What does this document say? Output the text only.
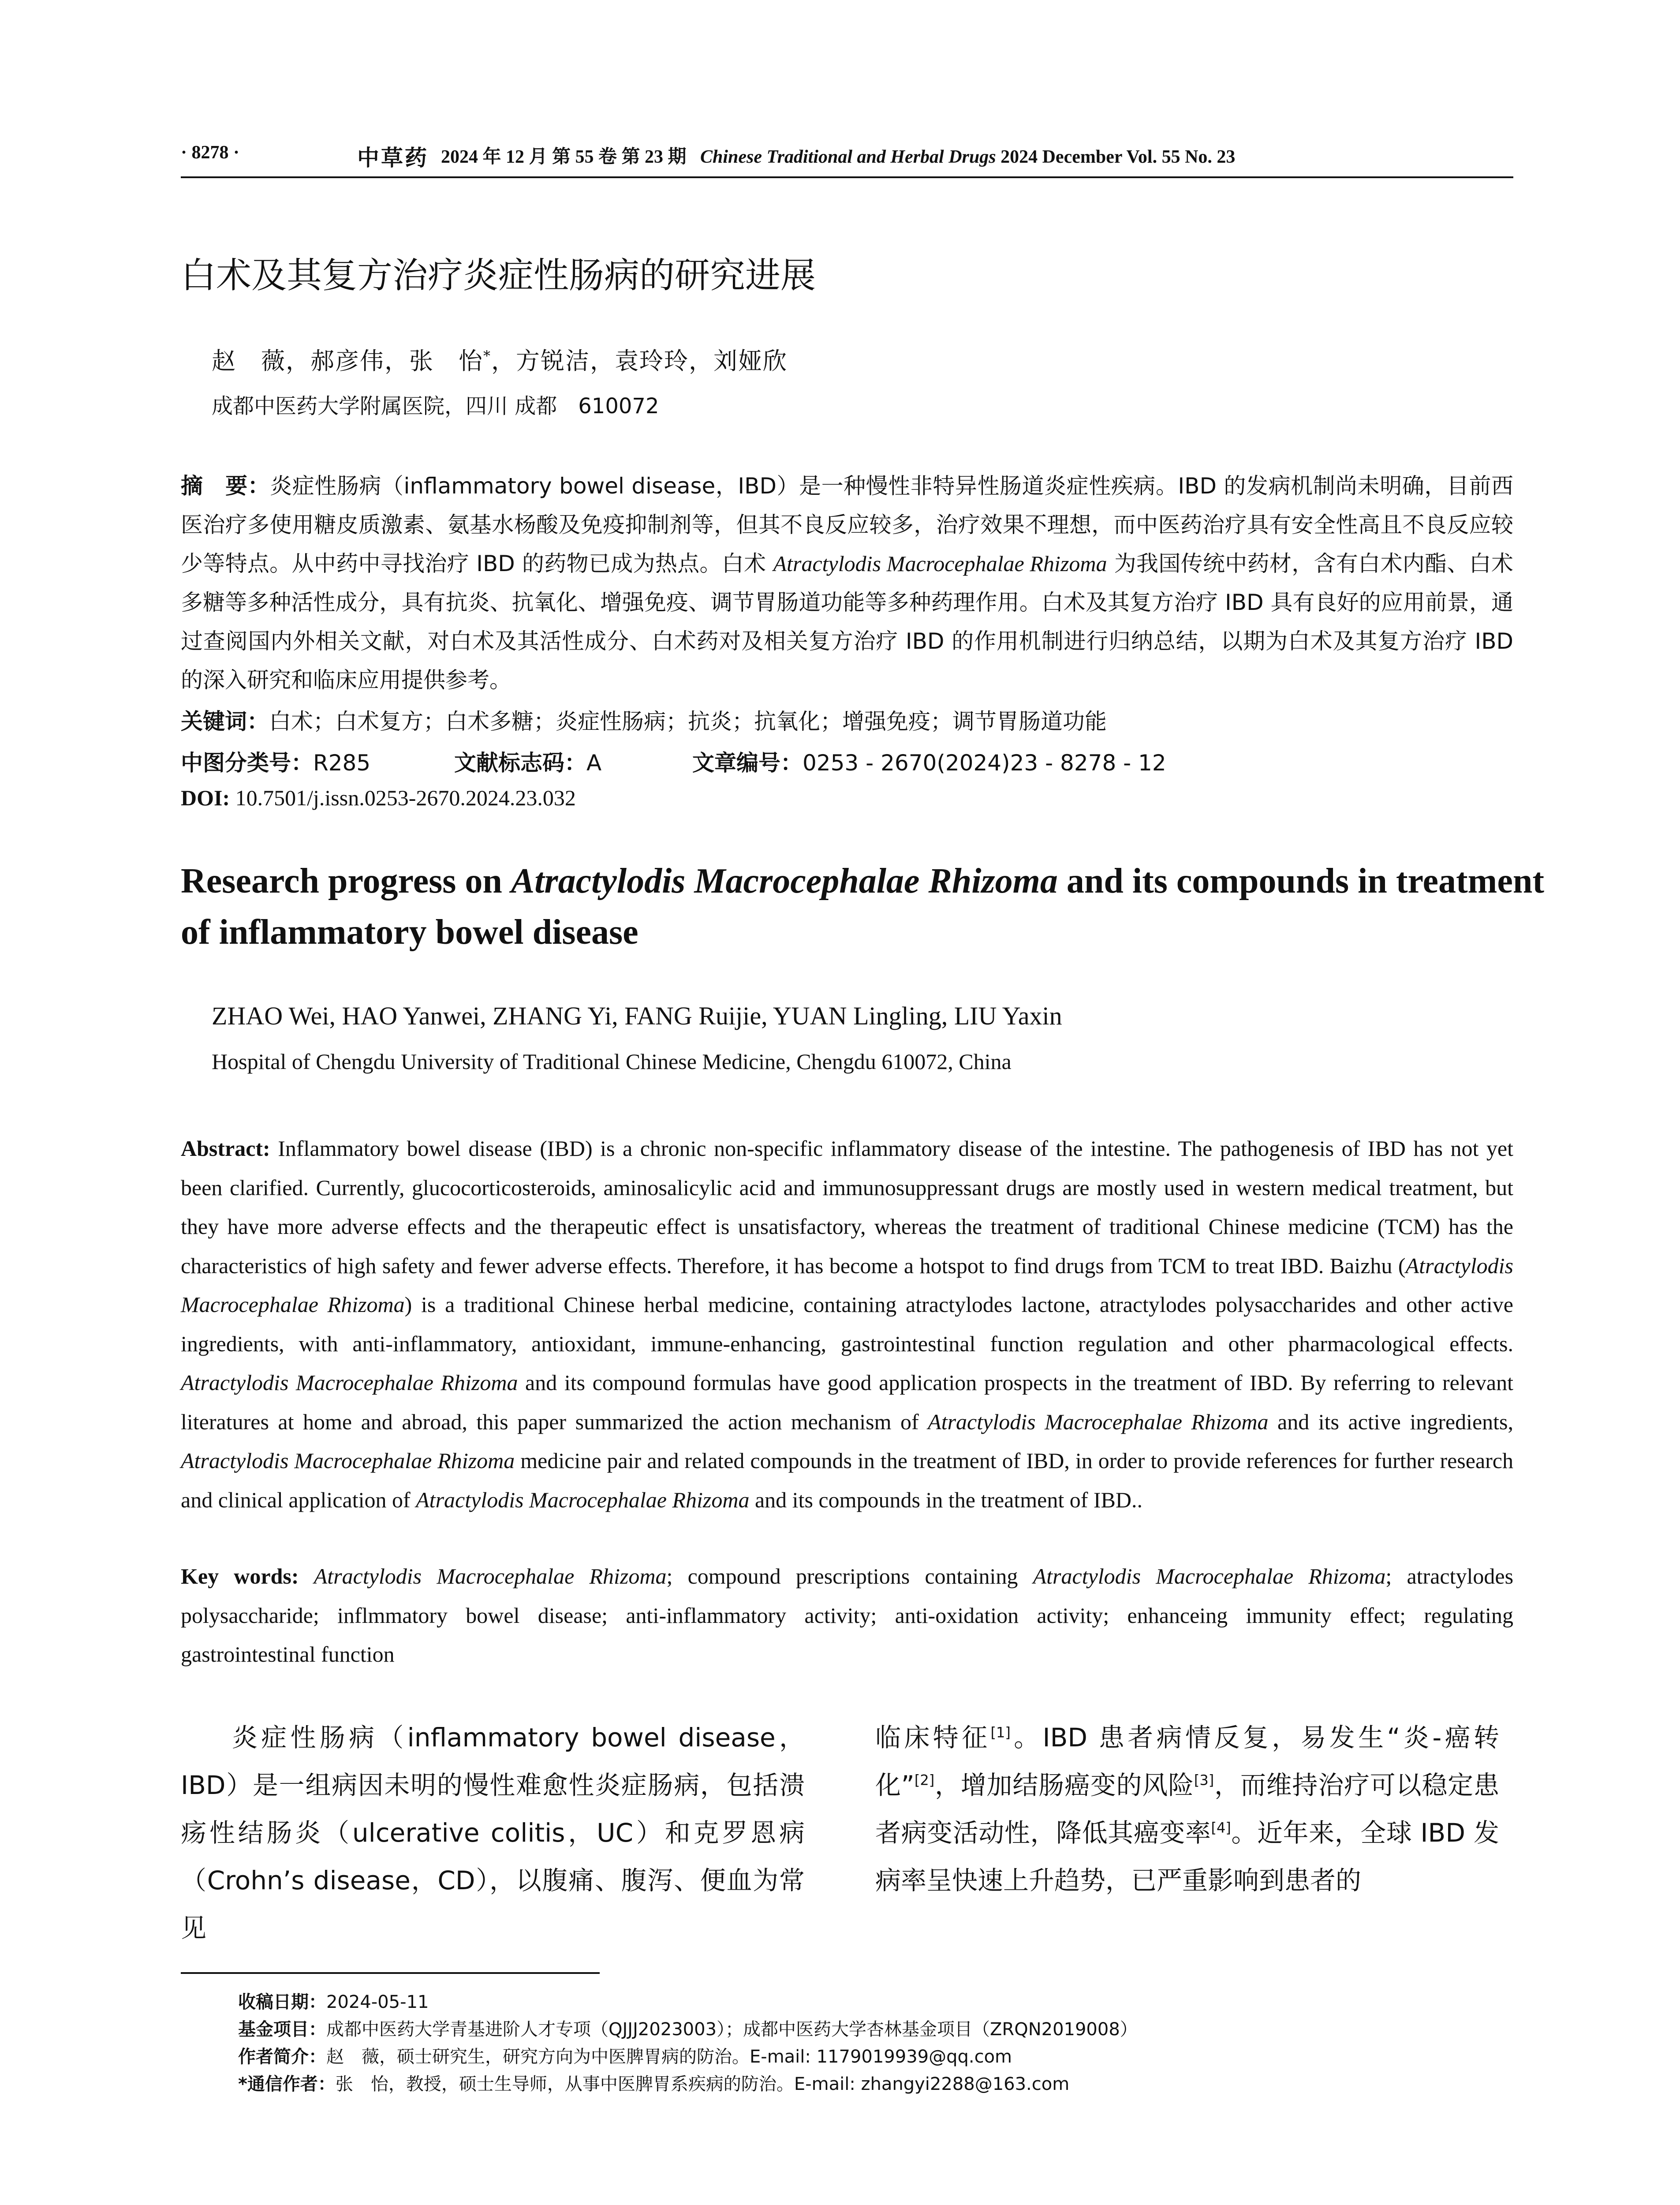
· 8278 ·	中草药 2024 年 12 月 第 55 卷 第 23 期 Chinese Traditional and Herbal Drugs 2024 December Vol. 55 No. 23
白术及其复方治疗炎症性肠病的研究进展
赵　薇，郝彦伟，张　怡*，方锐洁，袁玲玲，刘娅欣
成都中医药大学附属医院，四川 成都　610072
摘　要：炎症性肠病（inflammatory bowel disease，IBD）是一种慢性非特异性肠道炎症性疾病。IBD 的发病机制尚未明确，目前西医治疗多使用糖皮质激素、氨基水杨酸及免疫抑制剂等，但其不良反应较多，治疗效果不理想，而中医药治疗具有安全性高且不良反应较少等特点。从中药中寻找治疗 IBD 的药物已成为热点。白术 Atractylodis Macrocephalae Rhizoma 为我国传统中药材，含有白术内酯、白术多糖等多种活性成分，具有抗炎、抗氧化、增强免疫、调节胃肠道功能等多种药理作用。白术及其复方治疗 IBD 具有良好的应用前景，通过查阅国内外相关文献，对白术及其活性成分、白术药对及相关复方治疗 IBD 的作用机制进行归纳总结，以期为白术及其复方治疗 IBD 的深入研究和临床应用提供参考。
关键词：白术；白术复方；白术多糖；炎症性肠病；抗炎；抗氧化；增强免疫；调节胃肠道功能
中图分类号：R285	文献标志码：A	文章编号：0253 - 2670(2024)23 - 8278 - 12
DOI: 10.7501/j.issn.0253-2670.2024.23.032
Research progress on Atractylodis Macrocephalae Rhizoma and its compounds in treatment of inflammatory bowel disease
ZHAO Wei, HAO Yanwei, ZHANG Yi, FANG Ruijie, YUAN Lingling, LIU Yaxin
Hospital of Chengdu University of Traditional Chinese Medicine, Chengdu 610072, China
Abstract: Inflammatory bowel disease (IBD) is a chronic non-specific inflammatory disease of the intestine. The pathogenesis of IBD has not yet been clarified. Currently, glucocorticosteroids, aminosalicylic acid and immunosuppressant drugs are mostly used in western medical treatment, but they have more adverse effects and the therapeutic effect is unsatisfactory, whereas the treatment of traditional Chinese medicine (TCM) has the characteristics of high safety and fewer adverse effects. Therefore, it has become a hotspot to find drugs from TCM to treat IBD. Baizhu (Atractylodis Macrocephalae Rhizoma) is a traditional Chinese herbal medicine, containing atractylodes lactone, atractylodes polysaccharides and other active ingredients, with anti-inflammatory, antioxidant, immune-enhancing, gastrointestinal function regulation and other pharmacological effects. Atractylodis Macrocephalae Rhizoma and its compound formulas have good application prospects in the treatment of IBD. By referring to relevant literatures at home and abroad, this paper summarized the action mechanism of Atractylodis Macrocephalae Rhizoma and its active ingredients, Atractylodis Macrocephalae Rhizoma medicine pair and related compounds in the treatment of IBD, in order to provide references for further research and clinical application of Atractylodis Macrocephalae Rhizoma and its compounds in the treatment of IBD..
Key words: Atractylodis Macrocephalae Rhizoma; compound prescriptions containing Atractylodis Macrocephalae Rhizoma; atractylodes polysaccharide; inflmmatory bowel disease; anti-inflammatory activity; anti-oxidation activity; enhanceing immunity effect; regulating gastrointestinal function
炎症性肠病（inflammatory bowel disease，IBD）是一组病因未明的慢性难愈性炎症肠病，包括溃疡性结肠炎（ulcerative colitis，UC）和克罗恩病（Crohn’s disease，CD），以腹痛、腹泻、便血为常见
临床特征[1]。IBD 患者病情反复，易发生“炎-癌转化”[2]，增加结肠癌变的风险[3]，而维持治疗可以稳定患者病变活动性，降低其癌变率[4]。近年来，全球 IBD 发病率呈快速上升趋势，已严重影响到患者的
收稿日期：2024-05-11
基金项目：成都中医药大学青基进阶人才专项（QJJJ2023003）；成都中医药大学杏林基金项目（ZRQN2019008）
作者简介：赵　薇，硕士研究生，研究方向为中医脾胃病的防治。E-mail: 1179019939@qq.com
*通信作者：张　怡，教授，硕士生导师，从事中医脾胃系疾病的防治。E-mail: zhangyi2288@163.com
